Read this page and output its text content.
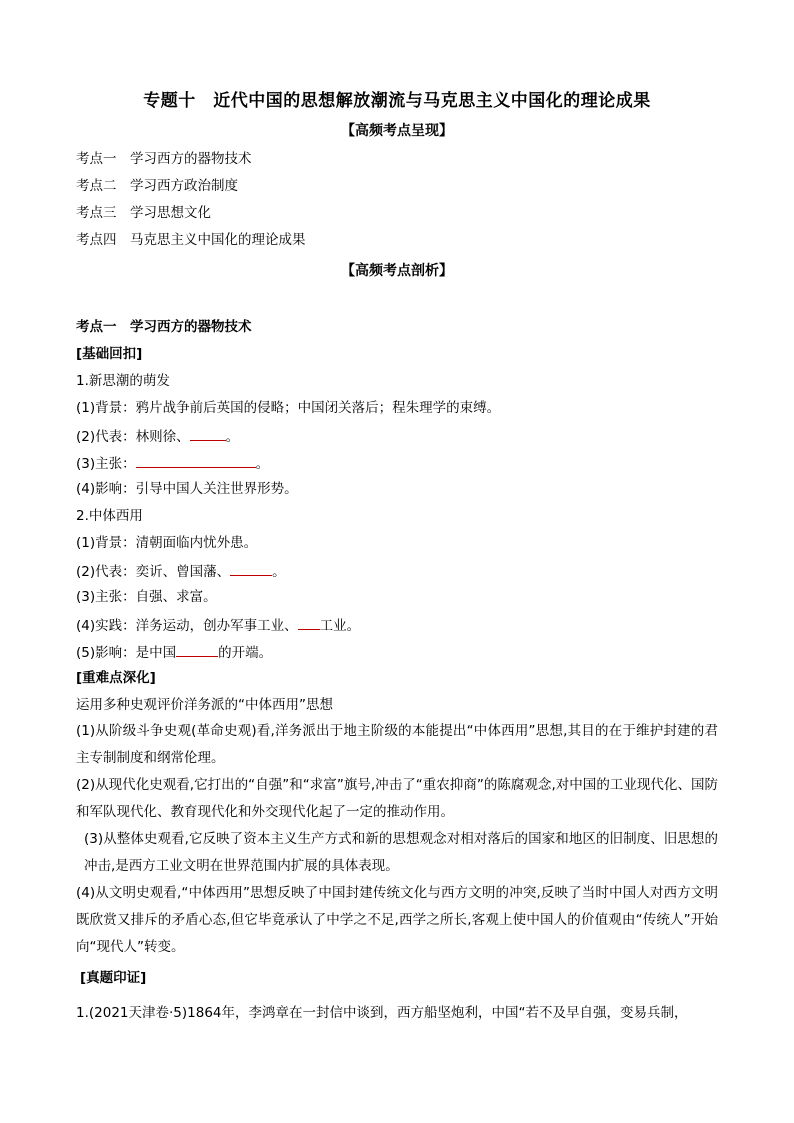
专题十　近代中国的思想解放潮流与马克思主义中国化的理论成果
【高频考点呈现】
考点一　学习西方的器物技术
考点二　学习西方政治制度
考点三　学习思想文化
考点四　马克思主义中国化的理论成果
【高频考点剖析】
考点一　学习西方的器物技术
[基础回扣]
1.新思潮的萌发
(1)背景：鸦片战争前后英国的侵略；中国闭关落后；程朱理学的束缚。
(2)代表：林则徐、	。
(3)主张：	。
(4)影响：引导中国人关注世界形势。
2.中体西用
(1)背景：清朝面临内忧外患。
(2)代表：奕䜣、曾国藩、	。
(3)主张：自强、求富。
(4)实践：洋务运动，创办军事工业、 工业。
(5)影响：是中国	的开端。
[重难点深化]
运用多种史观评价洋务派的“中体西用”思想
(1)从阶级斗争史观(革命史观)看,洋务派出于地主阶级的本能提出“中体西用”思想,其目的在于维护封建的君主专制制度和纲常伦理。
(2)从现代化史观看,它打出的“自强”和“求富”旗号,冲击了“重农抑商”的陈腐观念,对中国的工业现代化、国防和军队现代化、教育现代化和外交现代化起了一定的推动作用。
(3)从整体史观看,它反映了资本主义生产方式和新的思想观念对相对落后的国家和地区的旧制度、旧思想的冲击,是西方工业文明在世界范围内扩展的具体表现。
(4)从文明史观看,“中体西用”思想反映了中国封建传统文化与西方文明的冲突,反映了当时中国人对西方文明既欣赏又排斥的矛盾心态,但它毕竟承认了中学之不足,西学之所长,客观上使中国人的价值观由“传统人”开始向“现代人”转变。
[真题印证]
1.(2021天津卷·5)1864年，李鸿章在一封信中谈到，西方船坚炮利，中国“若不及早自强，变易兵制，
